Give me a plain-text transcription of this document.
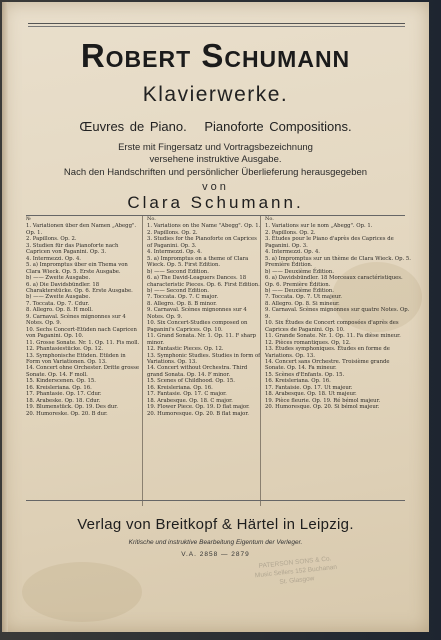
Robert Schumann
Klavierwerke.
Œuvres de Piano. Pianoforte Compositions.
Erste mit Fingersatz und Vortragsbezeichnung
versehene instruktive Ausgabe.
Nach den Handschriften und persönlicher Überlieferung herausgegeben
von
Clara Schumann.
№
1. Variationen über den Namen „Abegg". Op. 1.
2. Papillons. Op. 2.
3. Studien für das Pianoforte nach Capricen von Paganini. Op. 3.
4. Intermezzi. Op. 4.
5. a) Impromptus über ein Thema von Clara Wieck. Op. 5. Erste Ausgabe.
b) —— Zweite Ausgabe.
6. a) Die Davidsbündler. 18 Charakterstücke. Op. 6. Erste Ausgabe.
b) —— Zweite Ausgabe.
7. Toccata. Op. 7. Cdur.
8. Allegro. Op. 8. H moll.
9. Carnaval. Scènes mignonnes sur 4 Notes. Op. 9.
10. Sechs Concert-Etüden nach Capricen von Paganini. Op. 10.
11. Grosse Sonate. Nr. 1. Op. 11. Fis moll.
12. Phantasiestücke. Op. 12.
13. Symphonische Etüden. Etüden in Form von Variationen. Op. 13.
14. Concert ohne Orchester. Dritte grosse Sonate. Op. 14. F moll.
15. Kinderscenen. Op. 15.
16. Kreisleriana. Op. 16.
17. Phantasie. Op. 17. Cdur.
18. Arabeske. Op. 18. Cdur.
19. Blumenstück. Op. 19. Des dur.
20. Humoreske. Op. 20. B dur.
No.
1. Variations on the Name "Abegg". Op. 1.
2. Papillons. Op. 2.
3. Studies for the Pianoforte on Caprices of Paganini. Op. 3.
4. Intermezzi. Op. 4.
5. a) Impromptus on a theme of Clara Wieck. Op. 5. First Edition.
b) —— Second Edition.
6. a) The David-Leaguers Dances. 18 characteristic Pieces. Op. 6. First Edition.
b) —— Second Edition.
7. Toccata. Op. 7. C major.
8. Allegro. Op. 8. B minor.
9. Carnaval. Scènes mignonnes sur 4 Notes. Op. 9.
10. Six Concert-Studies composed on Paganini's Caprices. Op. 10.
11. Grand Sonata. Nr. 1. Op. 11. F sharp minor.
12. Fantastic Pieces. Op. 12.
13. Symphonic Studies. Studies in form of Variations. Op. 13.
14. Concert without Orchestra. Third grand Sonata. Op. 14. F minor.
15. Scenes of Childhood. Op. 15.
16. Kreisleriana. Op. 16.
17. Fantasie. Op. 17. C major.
18. Arabesque. Op. 18. C major.
19. Flower Piece. Op. 19. D flat major.
20. Humoresque. Op. 20. B flat major.
No.
1. Variations sur le nom „Abegg". Op. 1.
2. Papillons. Op. 2.
3. Études pour le Piano d'après des Caprices de Paganini. Op. 3.
4. Intermezzi. Op. 4.
5. a) Impromptus sur un thème de Clara Wieck. Op. 5. Première Édition.
b) —— Deuxième Édition.
6. a) Davidsbündler. 18 Morceaux caractéristiques. Op. 6. Première Édition.
b) —— Deuxième Édition.
7. Toccata. Op. 7. Ut majeur.
8. Allegro. Op. 8. Si mineur.
9. Carnaval. Scènes mignonnes sur quatre Notes. Op. 9.
10. Six Études de Concert composées d'après des Caprices de Paganini. Op. 10.
11. Grande Sonate. Nr. 1. Op. 11. Fa dièse mineur.
12. Pièces romantiques. Op. 12.
13. Études symphoniques. Études en forme de Variations. Op. 13.
14. Concert sans Orchestre. Troisième grande Sonate. Op. 14. Fa mineur.
15. Scènes d'Enfants. Op. 15.
16. Kreisleriana. Op. 16.
17. Fantaisie. Op. 17. Ut majeur.
18. Arabesque. Op. 18. Ut majeur.
19. Pièce fleurie. Op. 19. Ré bémol majeur.
20. Humoresque. Op. 20. Si bémol majeur.
Verlag von Breitkopf & Härtel in Leipzig.
Kritische und instruktive Bearbeitung Eigentum der Verleger.
V.A. 2858 — 2879
PATERSON SONS & Co. Music Sellers 152 Buchanan St. Glasgow
